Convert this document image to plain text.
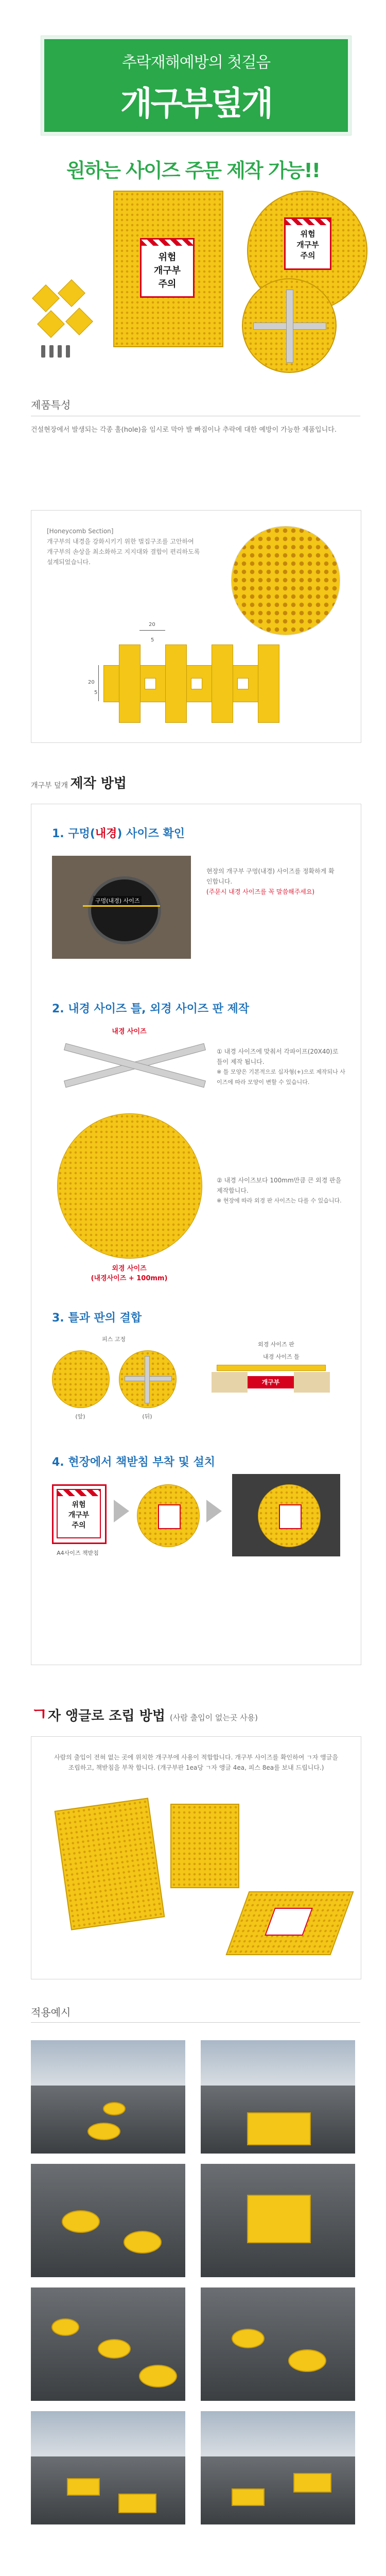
추락재해예방의 첫걸음
개구부덮개
원하는 사이즈 주문 제작 가능!!
위험
개구부
주의
위험
개구부
주의
제품특성

건설현장에서 발생되는 각종 홀(hole)을 임시로 막아 발 빠짐이나 추락에 대한 예방이 가능한 제품입니다.

[Honeycomb Section]
개구부의 내경을 강화시키기 위한 벌집구조를 고안하여 개구부의 손상을 최소화하고 지지대와 결합이 편리하도록 설계되었습니다.
20
5
20
5
개구부 덮개 제작 방법
1. 구멍(내경) 사이즈 확인
구멍(내경) 사이즈
현장의 개구부 구멍(내경) 사이즈를 정확하게 확인합니다.
(주문시 내경 사이즈를 꼭 말씀해주세요)
2. 내경 사이즈 틀, 외경 사이즈 판 제작
내경 사이즈
외경 사이즈
(내경사이즈 + 100mm)
① 내경 사이즈에 맞춰서 각파이프(20X40)로 틀이 제작 됩니다.
※ 틀 모양은 기본적으로 십자형(+)으로 제작되나 사이즈에 따라 모양이 변할 수 있습니다.
② 내경 사이즈보다 100mm만큼 큰 외경 판을 제작합니다.
※ 현장에 따라 외경 판 사이즈는 다를 수 있습니다.
3. 틀과 판의 결합
피스 고정
(앞)	(뒤)
외경 사이즈 판
내경 사이즈 틀
개구부
4. 현장에서 책받침 부착 및 설치
위험
개구부
주의
A4사이즈 책받침
ㄱ자 앵글로 조립 방법 (사람 출입이 없는곳 사용)
사람의 출입이 전혀 없는 곳에 위치한 개구부에 사용이 적합합니다. 개구부 사이즈를 확인하여 ㄱ자 앵글을 조립하고, 책받침을 부착 합니다. (개구부판 1ea당 ㄱ자 앵글 4ea, 피스 8ea를 보내 드립니다.)
적용예시
